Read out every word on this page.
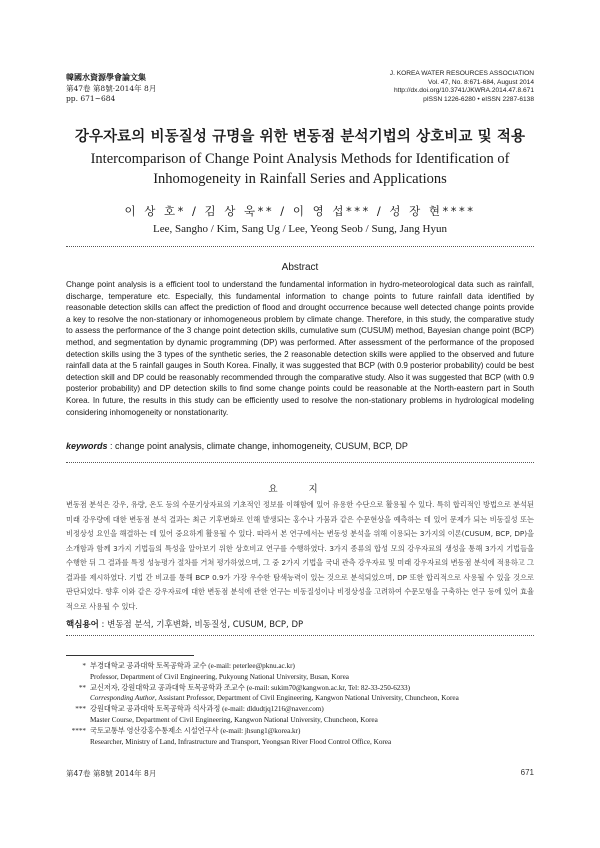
韓國水資源學會論文集
第47卷 第8號·2014年 8月
pp. 671~684
J. KOREA WATER RESOURCES ASSOCIATION
Vol. 47, No. 8:671-684, August 2014
http://dx.doi.org/10.3741/JKWRA.2014.47.8.671
pISSN 1226-6280 • eISSN 2287-6138
강우자료의 비동질성 규명을 위한 변동점 분석기법의 상호비교 및 적용
Intercomparison of Change Point Analysis Methods for Identification of
Inhomogeneity in Rainfall Series and Applications
이 상 호* / 김 상 욱** / 이 영 섭*** / 성 장 현****
Lee, Sangho / Kim, Sang Ug / Lee, Yeong Seob / Sung, Jang Hyun
Abstract
Change point analysis is a efficient tool to understand the fundamental information in hydro-meteorological data such as rainfall, discharge, temperature etc. Especially, this fundamental information to change points to future rainfall data identified by reasonable detection skills can affect the prediction of flood and drought occurrence because well detected change points provide a key to resolve the non-stationary or inhomogeneous problem by climate change. Therefore, in this study, the comparative study to assess the performance of the 3 change point detection skills, cumulative sum (CUSUM) method, Bayesian change point (BCP) method, and segmentation by dynamic programming (DP) was performed. After assessment of the performance of the proposed detection skills using the 3 types of the synthetic series, the 2 reasonable detection skills were applied to the observed and future rainfall data at the 5 rainfall gauges in South Korea. Finally, it was suggested that BCP (with 0.9 posterior probability) could be best detection skill and DP could be reasonably recommended through the comparative study. Also it was suggested that BCP (with 0.9 posterior probability) and DP detection skills to find some change points could be reasonable at the North-eastern part in South Korea. In future, the results in this study can be efficiently used to resolve the non-stationary problems in hydrological modeling considering inhomogeneity or nonstationarity.
keywords : change point analysis, climate change, inhomogeneity, CUSUM, BCP, DP
요 지
변동점 분석은 강우, 유량, 온도 등의 수문기상자료의 기초적인 정보를 이해함에 있어 유용한 수단으로 활용될 수 있다. 특히 합리적인 방법으로 분석된 미래 강우량에 대한 변동점 분석 결과는 최근 기후변화로 인해 발생되는 홍수나 가뭄과 같은 수문현상을 예측하는 데 있어 문제가 되는 비동질성 또는 비정상성 요인을 해결하는 데 있어 중요하게 활용될 수 있다. 따라서 본 연구에서는 변동성 분석을 위해 이용되는 3가지의 이론(CUSUM, BCP, DP)을 소개함과 함께 3가지 기법들의 특성을 알아보기 위한 상호비교 연구를 수행하였다. 3가지 종류의 합성 모의 강우자료의 생성을 통해 3가지 기법들을 수행한 뒤 그 결과를 특정 성능평가 절차를 거쳐 평가하였으며, 그 중 2가지 기법을 국내 관측 강우자료 및 미래 강우자료의 변동점 분석에 적용하고 그 결과를 제시하였다. 기법 간 비교를 통해 BCP 0.9가 가장 우수한 탐색능력이 있는 것으로 분석되었으며, DP 또한 합리적으로 사용될 수 있을 것으로 판단되었다. 향후 이와 같은 강우자료에 대한 변동점 분석에 관한 연구는 비동질성이나 비정상성을 고려하여 수문모형을 구축하는 연구 등에 있어 효율적으로 사용될 수 있다.
핵심용어 : 변동점 분석, 기후변화, 비동질성, CUSUM, BCP, DP
* 부경대학교 공과대학 토목공학과 교수 (e-mail: peterlee@pknu.ac.kr)
Professor, Department of Civil Engineering, Pukyoung National University, Busan, Korea
** 교신저자, 강원대학교 공과대학 토목공학과 조교수 (e-mail: sukim70@kangwon.ac.kr, Tel: 82-33-250-6233)
Corresponding Author, Assistant Professor, Department of Civil Engineering, Kangwon National University, Chuncheon, Korea
*** 강원대학교 공과대학 토목공학과 석사과정 (e-mail: dldudtjq1216@naver.com)
Master Course, Department of Civil Engineering, Kangwon National University, Chuncheon, Korea
**** 국토교통부 영산강홍수통제소 시설연구사 (e-mail: jhsung1@korea.kr)
Researcher, Ministry of Land, Infrastructure and Transport, Yeongsan River Flood Control Office, Korea
第47卷 第8號 2014年 8月	671
